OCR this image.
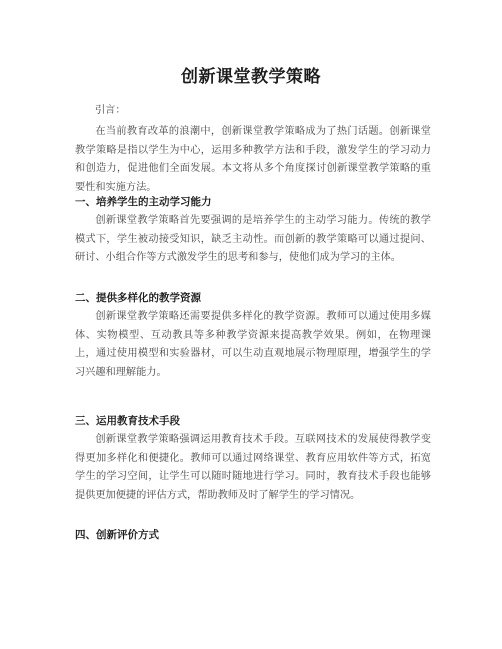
创新课堂教学策略
引言：

在当前教育改革的浪潮中，创新课堂教学策略成为了热门话题。创新课堂教学策略是指以学生为中心，运用多种教学方法和手段，激发学生的学习动力和创造力，促进他们全面发展。本文将从多个角度探讨创新课堂教学策略的重要性和实施方法。

一、培养学生的主动学习能力

创新课堂教学策略首先要强调的是培养学生的主动学习能力。传统的教学模式下，学生被动接受知识，缺乏主动性。而创新的教学策略可以通过提问、研讨、小组合作等方式激发学生的思考和参与，使他们成为学习的主体。

二、提供多样化的教学资源

创新课堂教学策略还需要提供多样化的教学资源。教师可以通过使用多媒体、实物模型、互动教具等多种教学资源来提高教学效果。例如，在物理课上，通过使用模型和实验器材，可以生动直观地展示物理原理，增强学生的学习兴趣和理解能力。

三、运用教育技术手段

创新课堂教学策略强调运用教育技术手段。互联网技术的发展使得教学变得更加多样化和便捷化。教师可以通过网络课堂、教育应用软件等方式，拓宽学生的学习空间，让学生可以随时随地进行学习。同时，教育技术手段也能够提供更加便捷的评估方式，帮助教师及时了解学生的学习情况。

四、创新评价方式
